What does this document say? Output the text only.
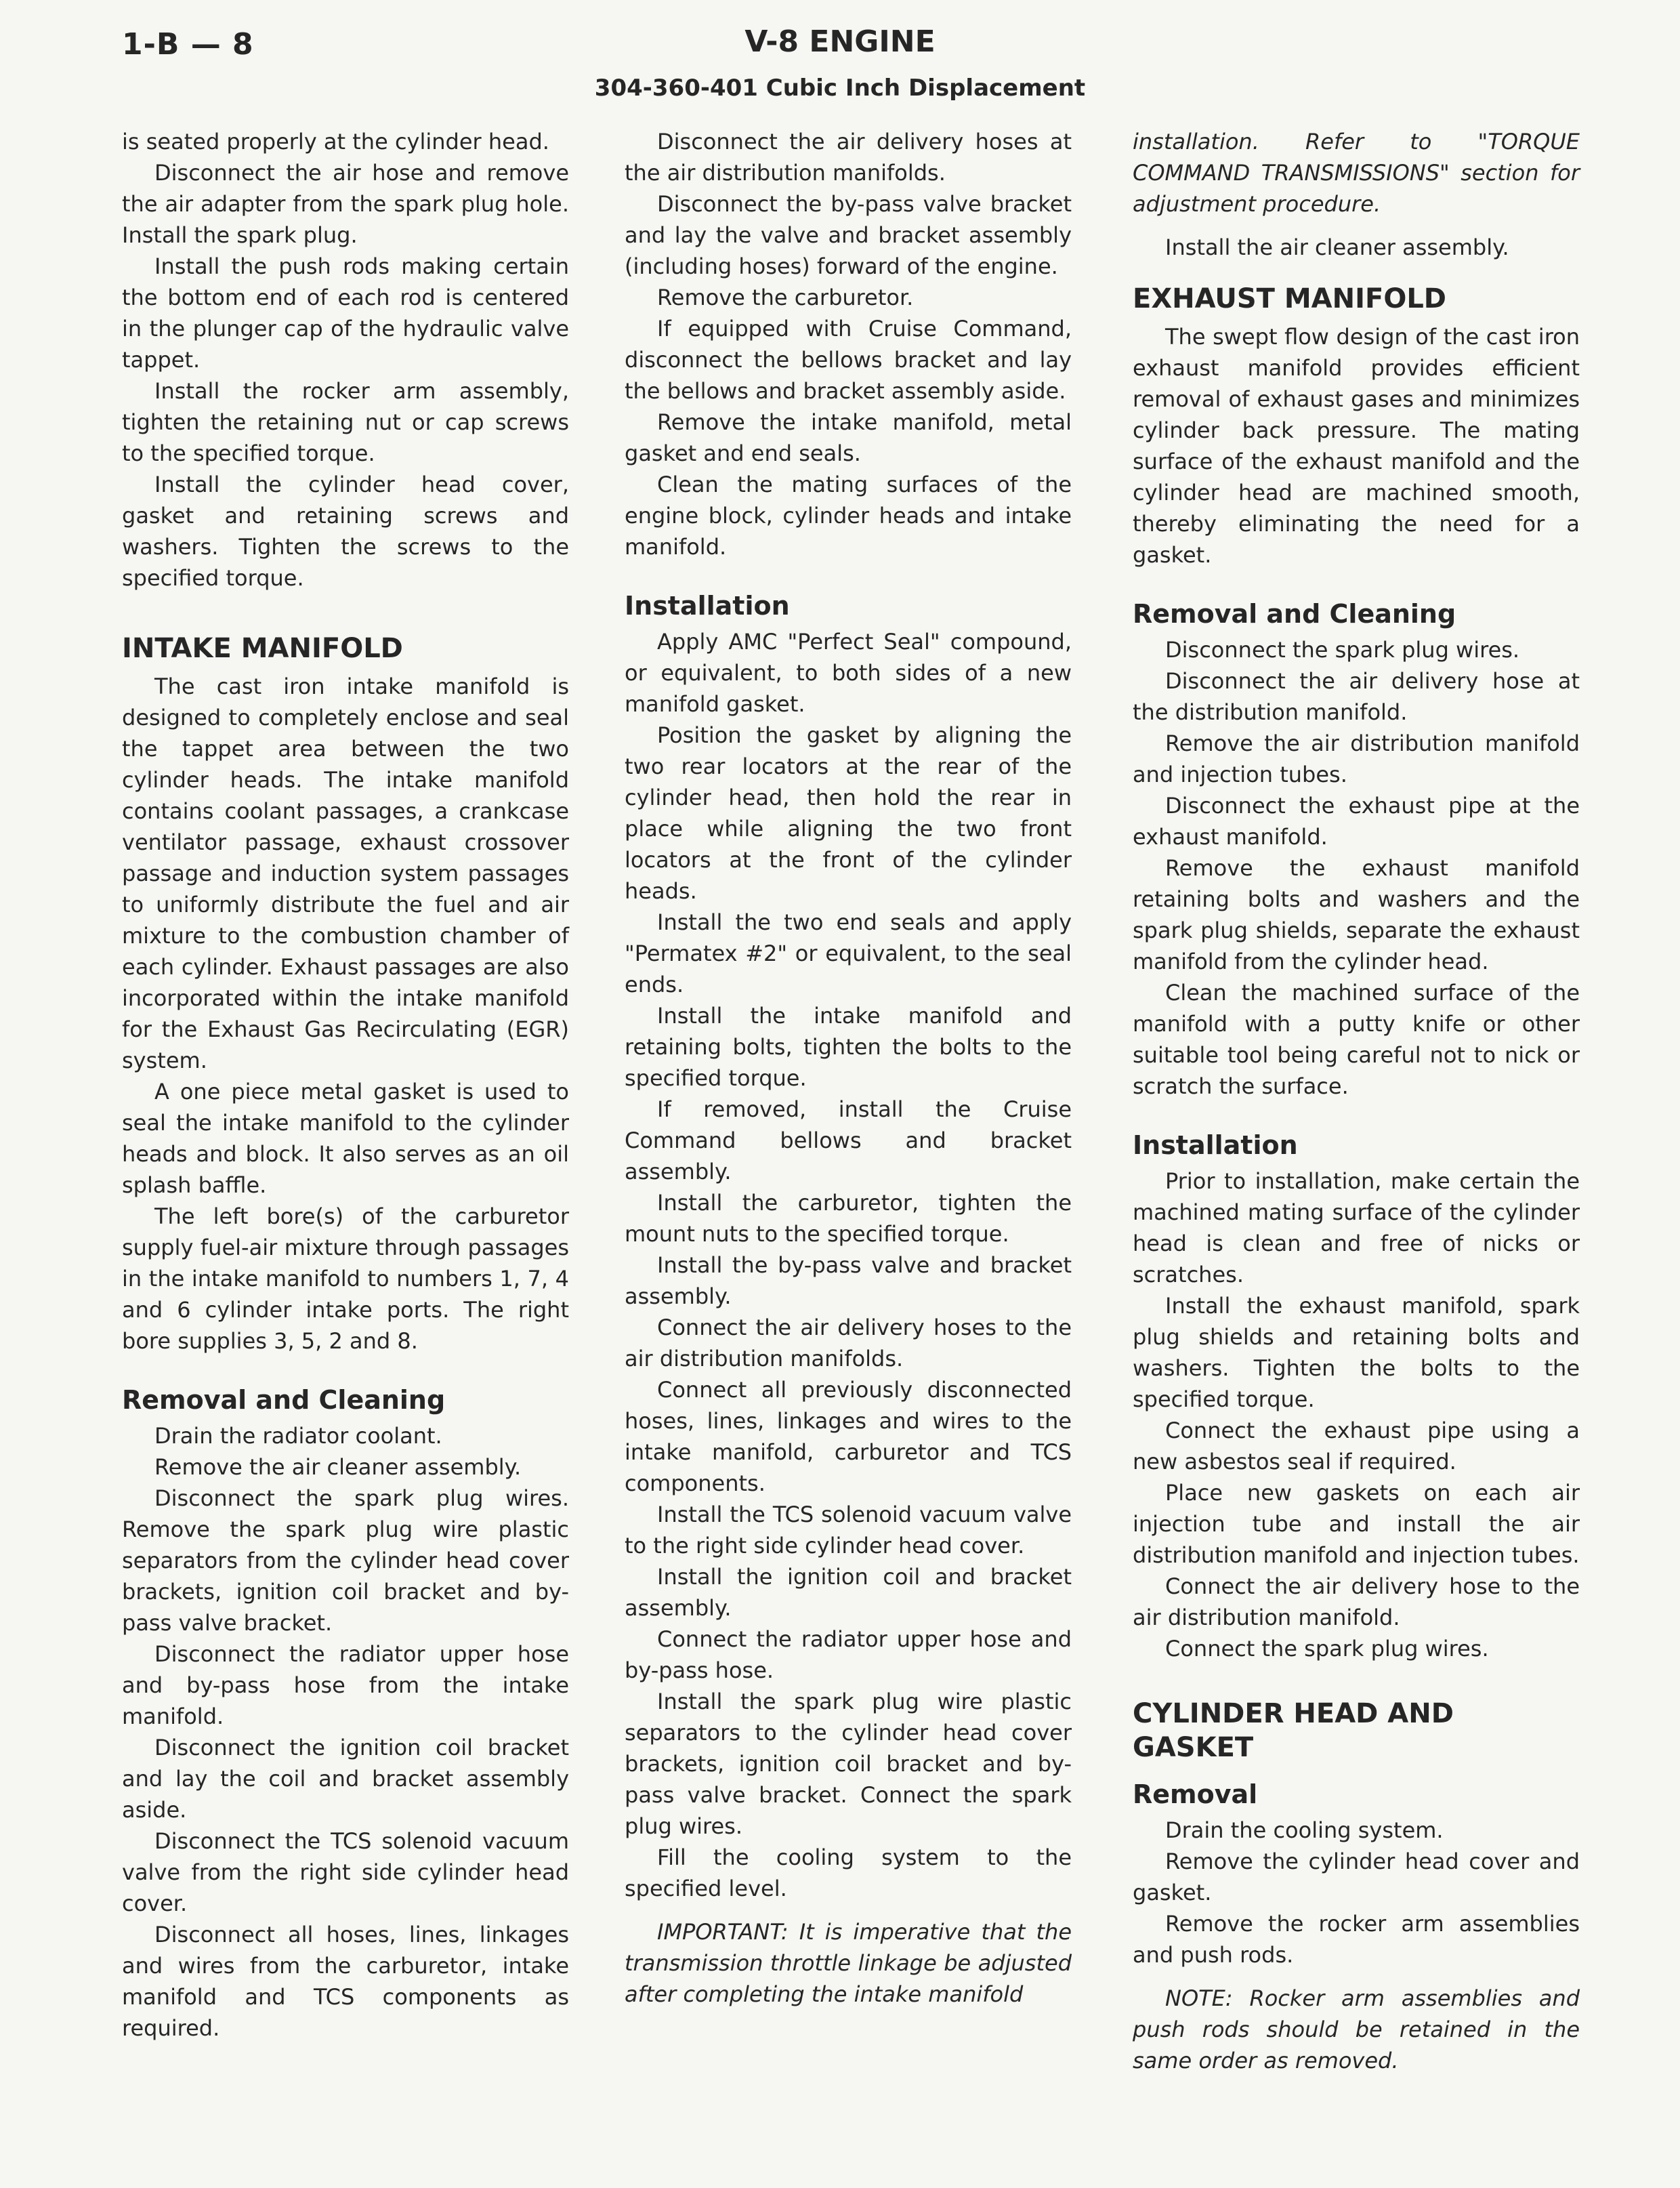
1-B — 8	V-8 ENGINE
304-360-401 Cubic Inch Displacement

is seated properly at the cylinder head.

Disconnect the air hose and remove the air adapter from the spark plug hole. Install the spark plug.

Install the push rods making certain the bottom end of each rod is centered in the plunger cap of the hydraulic valve tappet.

Install the rocker arm assembly, tighten the retaining nut or cap screws to the specified torque.

Install the cylinder head cover, gasket and retaining screws and washers. Tighten the screws to the specified torque.

INTAKE MANIFOLD

The cast iron intake manifold is designed to completely enclose and seal the tappet area between the two cylinder heads. The intake manifold contains coolant passages, a crankcase ventilator passage, exhaust crossover passage and induction system passages to uniformly distribute the fuel and air mixture to the combustion chamber of each cylinder. Exhaust passages are also incorporated within the intake manifold for the Exhaust Gas Recirculating (EGR) system.

A one piece metal gasket is used to seal the intake manifold to the cylinder heads and block. It also serves as an oil splash baffle.

The left bore(s) of the carburetor supply fuel-air mixture through passages in the intake manifold to numbers 1, 7, 4 and 6 cylinder intake ports. The right bore supplies 3, 5, 2 and 8.

Removal and Cleaning

Drain the radiator coolant.

Remove the air cleaner assembly.

Disconnect the spark plug wires. Remove the spark plug wire plastic separators from the cylinder head cover brackets, ignition coil bracket and by-pass valve bracket.

Disconnect the radiator upper hose and by-pass hose from the intake manifold.

Disconnect the ignition coil bracket and lay the coil and bracket assembly aside.

Disconnect the TCS solenoid vacuum valve from the right side cylinder head cover.

Disconnect all hoses, lines, linkages and wires from the carburetor, intake manifold and TCS components as required.

Disconnect the air delivery hoses at the air distribution manifolds.

Disconnect the by-pass valve bracket and lay the valve and bracket assembly (including hoses) forward of the engine.

Remove the carburetor.

If equipped with Cruise Command, disconnect the bellows bracket and lay the bellows and bracket assembly aside.

Remove the intake manifold, metal gasket and end seals.

Clean the mating surfaces of the engine block, cylinder heads and intake manifold.

Installation

Apply AMC "Perfect Seal" compound, or equivalent, to both sides of a new manifold gasket.

Position the gasket by aligning the two rear locators at the rear of the cylinder head, then hold the rear in place while aligning the two front locators at the front of the cylinder heads.

Install the two end seals and apply "Permatex #2" or equivalent, to the seal ends.

Install the intake manifold and retaining bolts, tighten the bolts to the specified torque.

If removed, install the Cruise Command bellows and bracket assembly.

Install the carburetor, tighten the mount nuts to the specified torque.

Install the by-pass valve and bracket assembly.

Connect the air delivery hoses to the air distribution manifolds.

Connect all previously disconnected hoses, lines, linkages and wires to the intake manifold, carburetor and TCS components.

Install the TCS solenoid vacuum valve to the right side cylinder head cover.

Install the ignition coil and bracket assembly.

Connect the radiator upper hose and by-pass hose.

Install the spark plug wire plastic separators to the cylinder head cover brackets, ignition coil bracket and by-pass valve bracket. Connect the spark plug wires.

Fill the cooling system to the specified level.

IMPORTANT: It is imperative that the transmission throttle linkage be adjusted after completing the intake manifold

installation. Refer to "TORQUE COMMAND TRANSMISSIONS" section for adjustment procedure.

Install the air cleaner assembly.

EXHAUST MANIFOLD

The swept flow design of the cast iron exhaust manifold provides efficient removal of exhaust gases and minimizes cylinder back pressure. The mating surface of the exhaust manifold and the cylinder head are machined smooth, thereby eliminating the need for a gasket.

Removal and Cleaning

Disconnect the spark plug wires.

Disconnect the air delivery hose at the distribution manifold.

Remove the air distribution manifold and injection tubes.

Disconnect the exhaust pipe at the exhaust manifold.

Remove the exhaust manifold retaining bolts and washers and the spark plug shields, separate the exhaust manifold from the cylinder head.

Clean the machined surface of the manifold with a putty knife or other suitable tool being careful not to nick or scratch the surface.

Installation

Prior to installation, make certain the machined mating surface of the cylinder head is clean and free of nicks or scratches.

Install the exhaust manifold, spark plug shields and retaining bolts and washers. Tighten the bolts to the specified torque.

Connect the exhaust pipe using a new asbestos seal if required.

Place new gaskets on each air injection tube and install the air distribution manifold and injection tubes.

Connect the air delivery hose to the air distribution manifold.

Connect the spark plug wires.

CYLINDER HEAD AND GASKET
Removal

Drain the cooling system.

Remove the cylinder head cover and gasket.

Remove the rocker arm assemblies and push rods.

NOTE: Rocker arm assemblies and push rods should be retained in the same order as removed.
